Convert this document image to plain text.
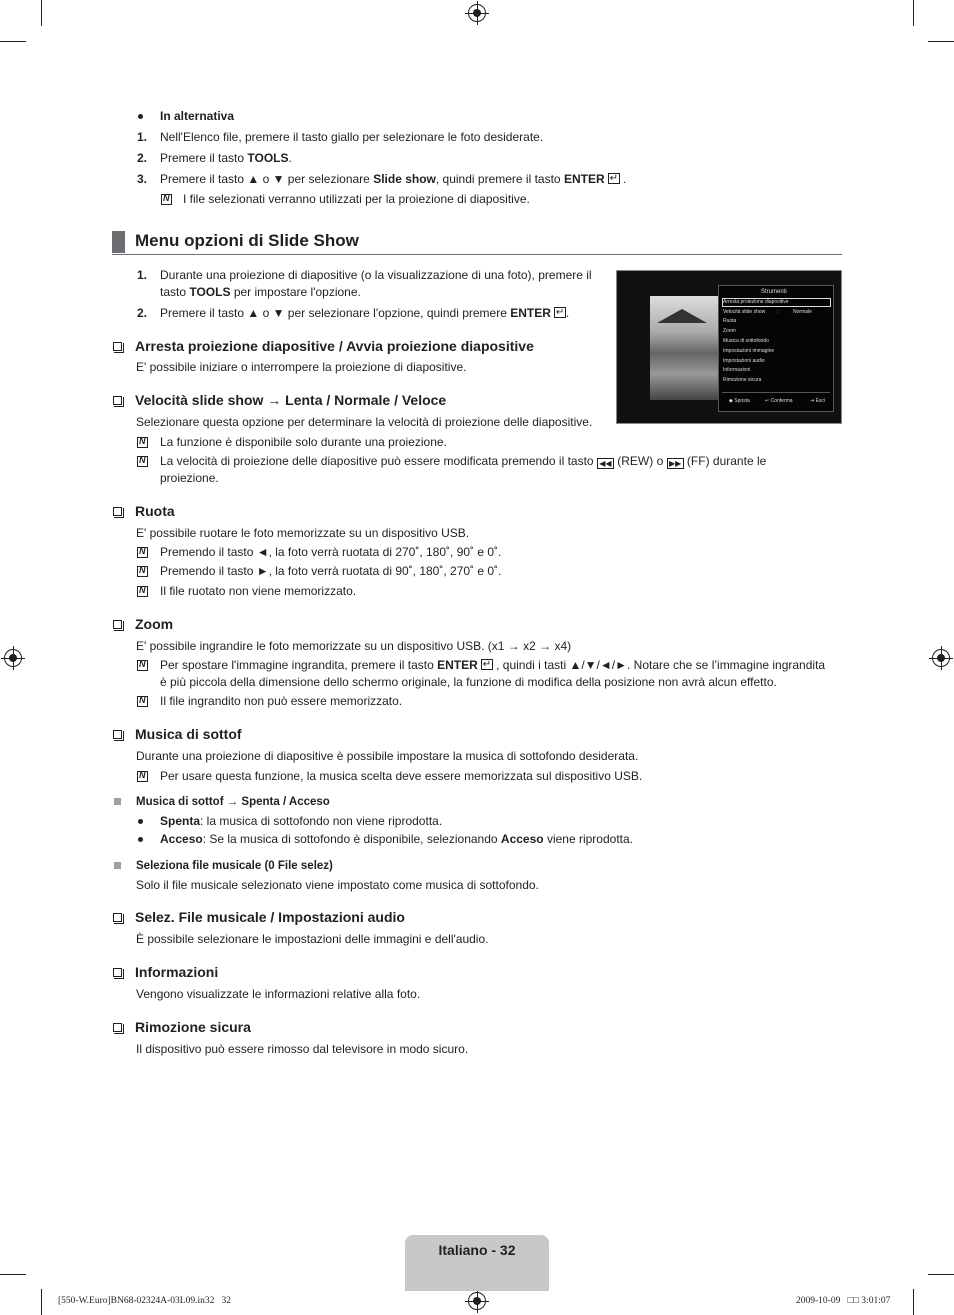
In alternativa
1. Nell'Elenco file, premere il tasto giallo per selezionare le foto desiderate.
2. Premere il tasto TOOLS.
3. Premere il tasto ▲ o ▼ per selezionare Slide show, quindi premere il tasto ENTER↵ .
N
I file selezionati verranno utilizzati per la proiezione di diapositive.
Menu opzioni di Slide Show
1. Durante una proiezione di diapositive (o la visualizzazione di una foto), premere il
tasto TOOLS per impostare l'opzione.
2. Premere il tasto ▲ o ▼ per selezionare l'opzione, quindi premere ENTER↵ .
Strumenti
Arresta proiezione diapositive
Velocità slide show :	Normale
Ruota
Zoom
Musica di sottofondo
Impostazioni immagine
Impostazioni audio
Informazioni
Rimozione sicura
◆ Sposta	↵ Conferma	⇥ Esci
Arresta proiezione diapositive / Avvia proiezione diapositive
E' possibile iniziare o interrompere la proiezione di diapositive.
Velocità slide show → Lenta / Normale / Veloce
Selezionare questa opzione per determinare la velocità di proiezione delle diapositive.
N
La funzione è disponibile solo durante una proiezione.
N
La velocità di proiezione delle diapositive può essere modificata premendo il tasto ◀◀ (REW) o ▶▶ (FF) durante le
proiezione.
Ruota
E' possibile ruotare le foto memorizzate su un dispositivo USB.
N
Premendo il tasto ◄, la foto verrà ruotata di 270˚, 180˚, 90˚ e 0˚.
N
Premendo il tasto ►, la foto verrà ruotata di 90˚, 180˚, 270˚ e 0˚.
N
Il file ruotato non viene memorizzato.
Zoom
E' possibile ingrandire le foto memorizzate su un dispositivo USB. (x1 → x2 → x4)
N
Per spostare l'immagine ingrandita, premere il tasto ENTER↵ , quindi i tasti ▲/▼/◄/►. Notare che se l’immagine ingrandita
è più piccola della dimensione dello schermo originale, la funzione di modifica della posizione non avrà alcun effetto.
N
Il file ingrandito non può essere memorizzato.
Musica di sottof
Durante una proiezione di diapositive è possibile impostare la musica di sottofondo desiderata.
N
Per usare questa funzione, la musica scelta deve essere memorizzata sul dispositivo USB.
Musica di sottof → Spenta / Acceso
Spenta: la musica di sottofondo non viene riprodotta.
Acceso: Se la musica di sottofondo è disponibile, selezionando Acceso viene riprodotta.
Seleziona file musicale (0 File selez)
Solo il file musicale selezionato viene impostato come musica di sottofondo.
Selez. File musicale / Impostazioni audio
È possibile selezionare le impostazioni delle immagini e dell'audio.
Informazioni
Vengono visualizzate le informazioni relative alla foto.
Rimozione sicura
Il dispositivo può essere rimosso dal televisore in modo sicuro.
Italiano - 32
[550-W.Euro]BN68-02324A-03L09.in32   32	2009-10-09   □□ 3:01:07
